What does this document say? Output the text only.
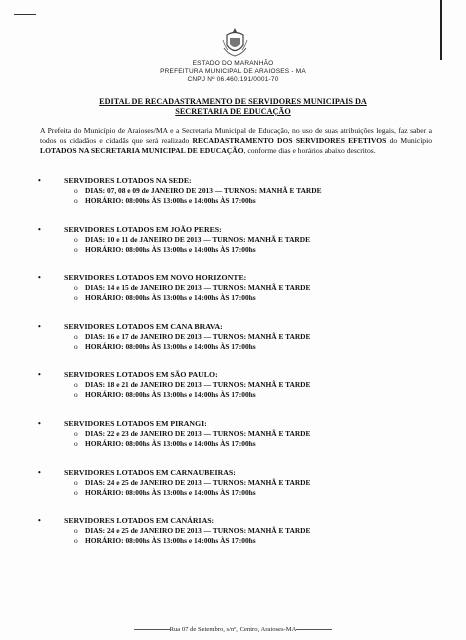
ESTADO DO MARANHÃO
PREFEITURA MUNICIPAL DE ARAIOSES - MA
CNPJ Nº 06.460.191/0001-70
EDITAL DE RECADASTRAMENTO DE SERVIDORES MUNICIPAIS DA
SECRETARIA DE EDUCAÇÃO
A Prefeita do Município de Araioses/MA e a Secretaria Municipal de Educação, no uso de suas atribuições legais, faz saber a todos os cidadãos e cidadãs que será realizado RECADASTRAMENTO DOS SERVIDORES EFETIVOS do Município LOTADOS NA SECRETARIA MUNICIPAL DE EDUCAÇÃO, conforme dias e horários abaixo descritos.
•	SERVIDORES LOTADOS NA SEDE:
o DIAS: 07, 08 e 09 de JANEIRO DE 2013 — TURNOS: MANHÃ E TARDE
o HORÁRIO: 08:00hs ÀS 13:00hs e 14:00hs ÀS 17:00hs
•	SERVIDORES LOTADOS EM JOÃO PERES:
o DIAS: 10 e 11 de JANEIRO DE 2013 — TURNOS: MANHÃ E TARDE
o HORÁRIO: 08:00hs ÀS 13:00hs e 14:00hs ÀS 17:00hs
•	SERVIDORES LOTADOS EM NOVO HORIZONTE:
o DIAS: 14 e 15 de JANEIRO DE 2013 — TURNOS: MANHÃ E TARDE
o HORÁRIO: 08:00hs ÀS 13:00hs e 14:00hs ÀS 17:00hs
•	SERVIDORES LOTADOS EM CANA BRAVA:
o DIAS: 16 e 17 de JANEIRO DE 2013 — TURNOS: MANHÃ E TARDE
o HORÁRIO: 08:00hs ÀS 13:00hs e 14:00hs ÀS 17:00hs
•	SERVIDORES LOTADOS EM SÃO PAULO:
o DIAS: 18 e 21 de JANEIRO DE 2013 — TURNOS: MANHÃ E TARDE
o HORÁRIO: 08:00hs ÀS 13:00hs e 14:00hs ÀS 17:00hs
•	SERVIDORES LOTADOS EM PIRANGI:
o DIAS: 22 e 23 de JANEIRO DE 2013 — TURNOS: MANHÃ E TARDE
o HORÁRIO: 08:00hs ÀS 13:00hs e 14:00hs ÀS 17:00hs
•	SERVIDORES LOTADOS EM CARNAUBEIRAS:
o DIAS: 24 e 25 de JANEIRO DE 2013 — TURNOS: MANHÃ E TARDE
o HORÁRIO: 08:00hs ÀS 13:00hs e 14:00hs ÀS 17:00hs
•	SERVIDORES LOTADOS EM CANÁRIAS:
o DIAS: 24 e 25 de JANEIRO DE 2013 — TURNOS: MANHÃ E TARDE
o HORÁRIO: 08:00hs ÀS 13:00hs e 14:00hs ÀS 17:00hs
Rua 07 de Setembro, s/nº, Centro, Araioses-MA
